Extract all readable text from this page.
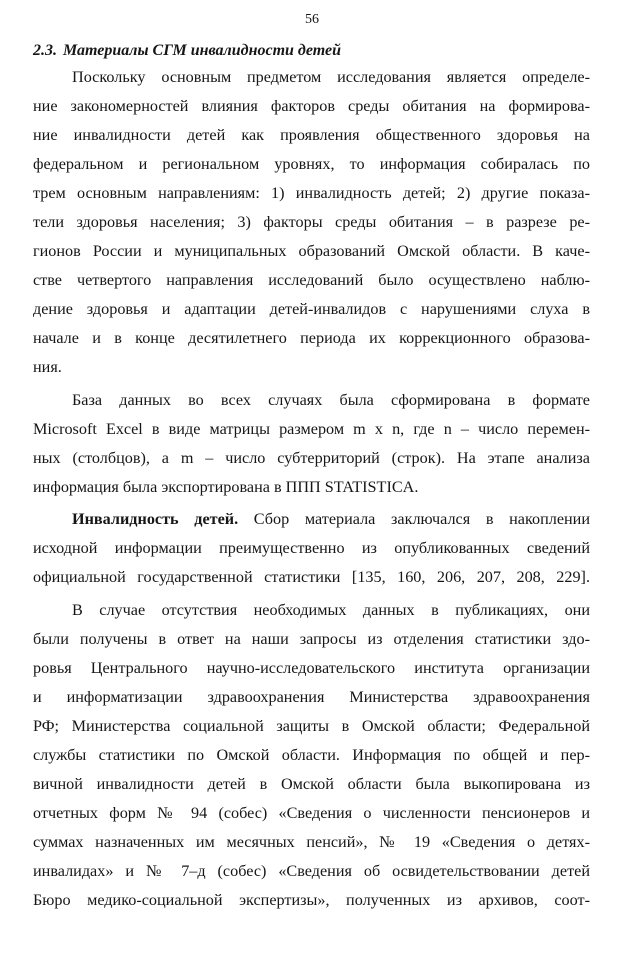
56
2.3. Материалы СГМ инвалидности детей
Поскольку основным предметом исследования является определе-
ние закономерностей влияния факторов среды обитания на формирова-
ние инвалидности детей как проявления общественного здоровья на
федеральном и региональном уровнях, то информация собиралась по
трем основным направлениям: 1) инвалидность детей; 2) другие показа-
тели здоровья населения; 3) факторы среды обитания – в разрезе ре-
гионов России и муниципальных образований Омской области. В каче-
стве четвертого направления исследований было осуществлено наблю-
дение здоровья и адаптации детей-инвалидов с нарушениями слуха в
начале и в конце десятилетнего периода их коррекционного образова-
ния.
База данных во всех случаях была сформирована в формате
Microsoft Excel в виде матрицы размером m x n, где n – число перемен-
ных (столбцов), а m – число субтерриторий (строк). На этапе анализа
информация была экспортирована в ППП STATISTICA.
Инвалидность детей. Сбор материала заключался в накоплении
исходной информации преимущественно из опубликованных сведений
официальной государственной статистики [135, 160, 206, 207, 208, 229].
В случае отсутствия необходимых данных в публикациях, они
были получены в ответ на наши запросы из отделения статистики здо-
ровья Центрального научно-исследовательского института организации
и информатизации здравоохранения Министерства здравоохранения
РФ; Министерства социальной защиты в Омской области; Федеральной
службы статистики по Омской области. Информация по общей и пер-
вичной инвалидности детей в Омской области была выкопирована из
отчетных форм № 94 (собес) «Сведения о численности пенсионеров и
суммах назначенных им месячных пенсий», № 19 «Сведения о детях-
инвалидах» и № 7–д (собес) «Сведения об освидетельствовании детей
Бюро медико-социальной экспертизы», полученных из архивов, соот-
